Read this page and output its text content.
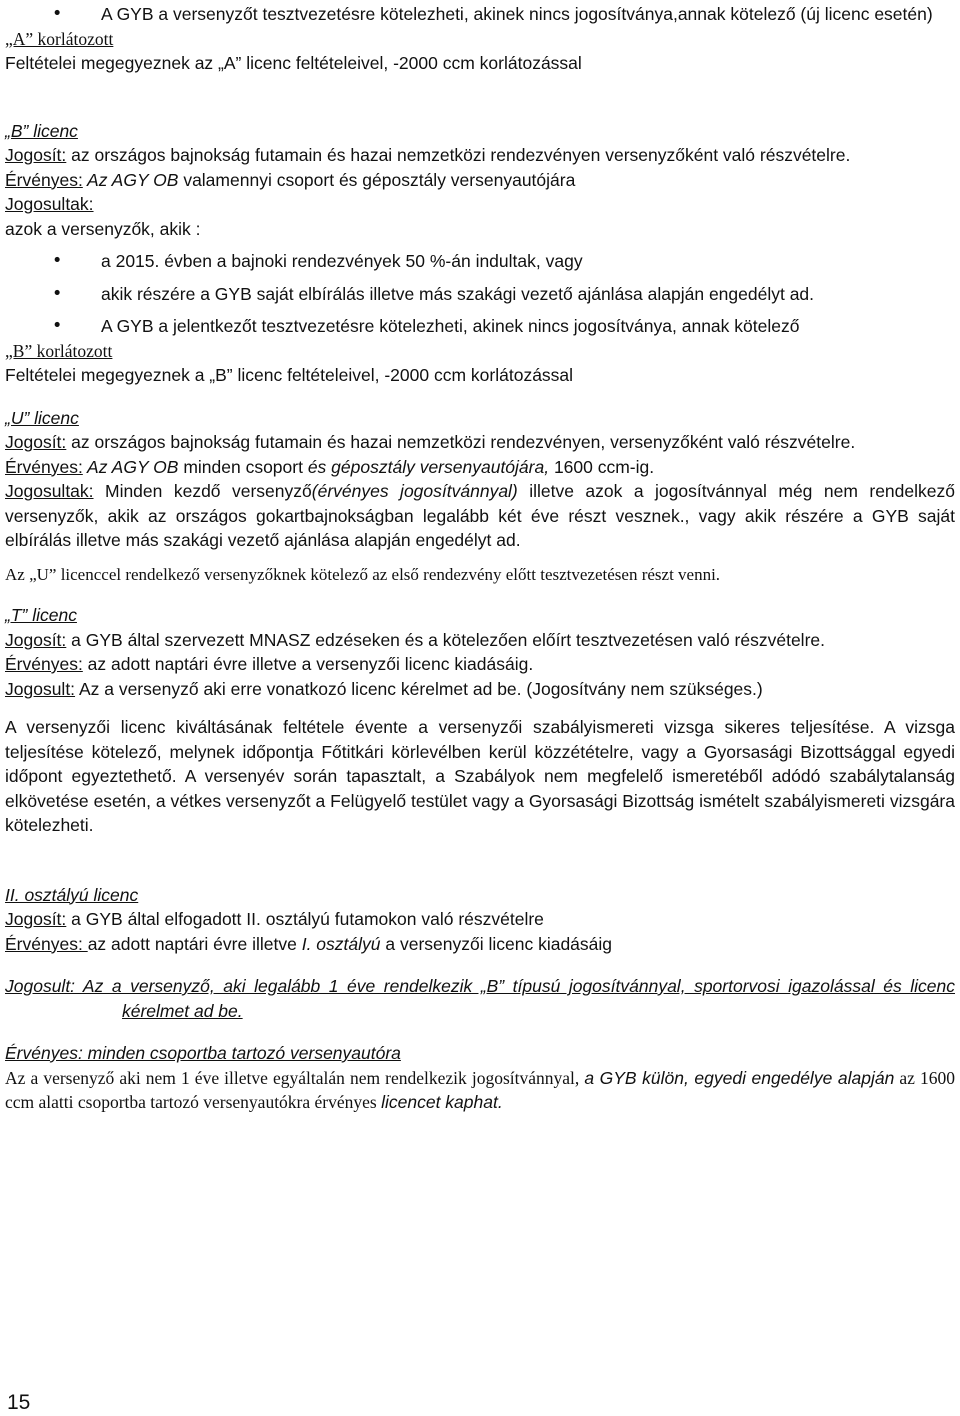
• A GYB a versenyzőt tesztvezetésre kötelezheti, akinek nincs jogosítványa,annak kötelező (új licenc esetén)

„A” korlátozott

Feltételei megegyeznek az „A” licenc feltételeivel, -2000 ccm korlátozással

„B” licenc

Jogosít: az országos bajnokság futamain és hazai nemzetközi rendezvényen versenyzőként való részvételre.

Érvényes: Az AGY OB valamennyi csoport és géposztály versenyautójára

Jogosultak:

azok a versenyzők, akik :

• a 2015. évben a bajnoki rendezvények 50 %-án indultak, vagy

• akik részére a GYB saját elbírálás illetve más szakági vezető ajánlása alapján engedélyt ad.

• A GYB a jelentkezőt tesztvezetésre kötelezheti, akinek nincs jogosítványa, annak kötelező

„B” korlátozott

Feltételei megegyeznek a „B” licenc feltételeivel, -2000 ccm korlátozással

„U” licenc

Jogosít: az országos bajnokság futamain és hazai nemzetközi rendezvényen, versenyzőként való részvételre.

Érvényes: Az AGY OB minden csoport és géposztály versenyautójára, 1600 ccm-ig.

Jogosultak: Minden kezdő versenyző(érvényes jogosítvánnyal) illetve azok a jogosítvánnyal még nem rendelkező versenyzők, akik az országos gokartbajnokságban legalább két éve részt vesznek., vagy akik részére a GYB saját elbírálás illetve más szakági vezető ajánlása alapján engedélyt ad.

Az „U” licenccel rendelkező versenyzőknek kötelező az első rendezvény előtt tesztvezetésen részt venni.

„T” licenc

Jogosít: a GYB által szervezett MNASZ edzéseken és a kötelezően előírt tesztvezetésen való részvételre.

Érvényes: az adott naptári évre illetve a versenyzői licenc kiadásáig.

Jogosult: Az a versenyző aki erre vonatkozó licenc kérelmet ad be. (Jogosítvány nem szükséges.)

A versenyzői licenc kiváltásának feltétele évente a versenyzői szabályismereti vizsga sikeres teljesítése. A vizsga teljesítése kötelező, melynek időpontja Főtitkári körlevélben kerül közzétételre, vagy a Gyorsasági Bizottsággal egyedi időpont egyeztethető. A versenyév során tapasztalt, a Szabályok nem megfelelő ismeretéből adódó szabálytalanság elkövetése esetén, a vétkes versenyzőt a Felügyelő testület vagy a Gyorsasági Bizottság ismételt szabályismereti vizsgára kötelezheti.

II. osztályú licenc

Jogosít: a GYB által elfogadott II. osztályú futamokon való részvételre

Érvényes: az adott naptári évre illetve I. osztályú a versenyzői licenc kiadásáig

Jogosult: Az a versenyző, aki legalább 1 éve rendelkezik „B” típusú jogosítvánnyal, sportorvosi igazolással és licenc kérelmet ad be.

Érvényes: minden csoportba tartozó versenyautóra

Az a versenyző aki nem 1 éve illetve egyáltalán nem rendelkezik jogosítvánnyal, a GYB külön, egyedi engedélye alapján az 1600 ccm alatti csoportba tartozó versenyautókra érvényes licencet kaphat.

15
